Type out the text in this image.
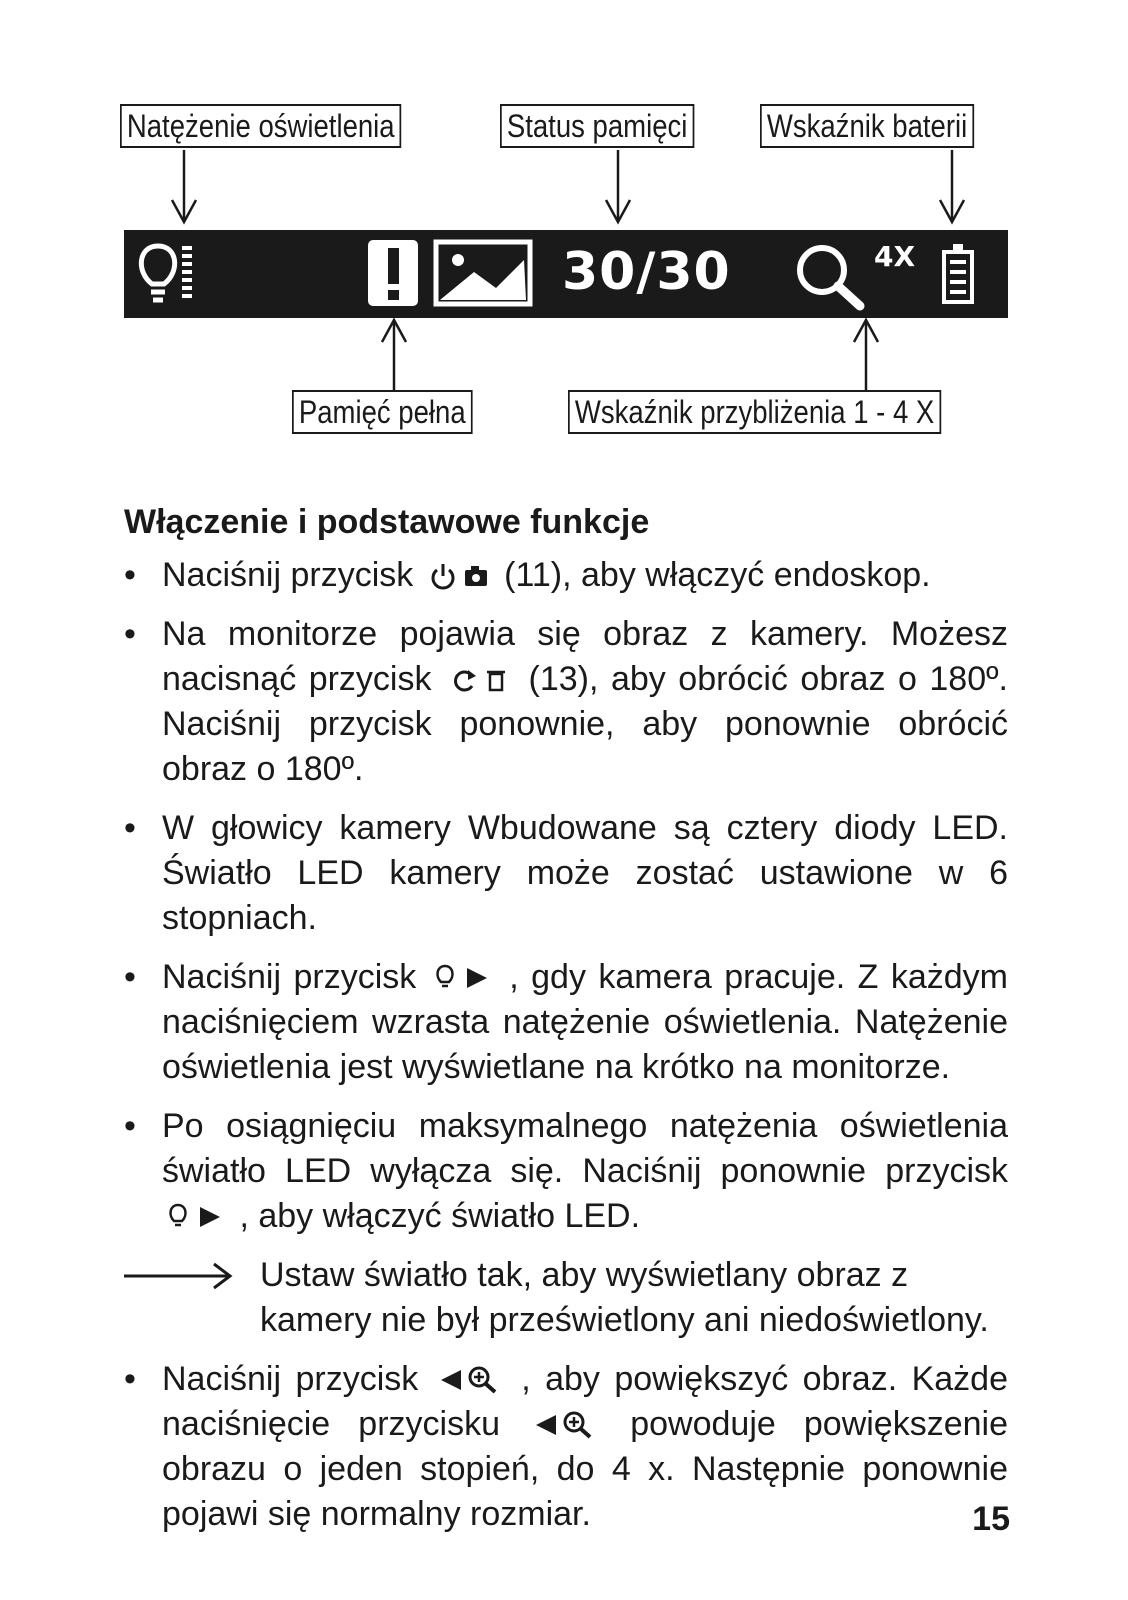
Natężenie oświetlenia	Status pamięci Wskaźnik baterii
Pamięć pełna	Wskaźnik przybliżenia 1 - 4 X
30/30	4X

Włączenie i podstawowe funkcje

• Naciśnij przycisk	(11), aby włączyć endoskop.

• Na monitorze pojawia się obraz z kamery. Możesz nacisnąć przycisk	(13), aby obrócić obraz o 180º. Naciśnij przycisk ponownie, aby ponownie obrócić obraz o 180º.

• W głowicy kamery Wbudowane są cztery diody LED. Światło LED kamery może zostać ustawione w 6 stopniach.

• Naciśnij przycisk	, gdy kamera pracuje. Z każdym naciśnięciem wzrasta natężenie oświetlenia. Natężenie oświetlenia jest wyświetlane na krótko na monitorze.

• Po osiągnięciu maksymalnego natężenia oświetlenia światło LED wyłącza się. Naciśnij ponownie przycisk  , aby włączyć światło LED.

Ustaw światło tak, aby wyświetlany obraz z kamery nie był prześwietlony ani niedoświetlony.

• Naciśnij przycisk	, aby powiększyć obraz. Każde naciśnięcie przycisku	powoduje powiększenie obrazu o jeden stopień, do 4 x. Następnie ponownie pojawi się normalny rozmiar.	15
